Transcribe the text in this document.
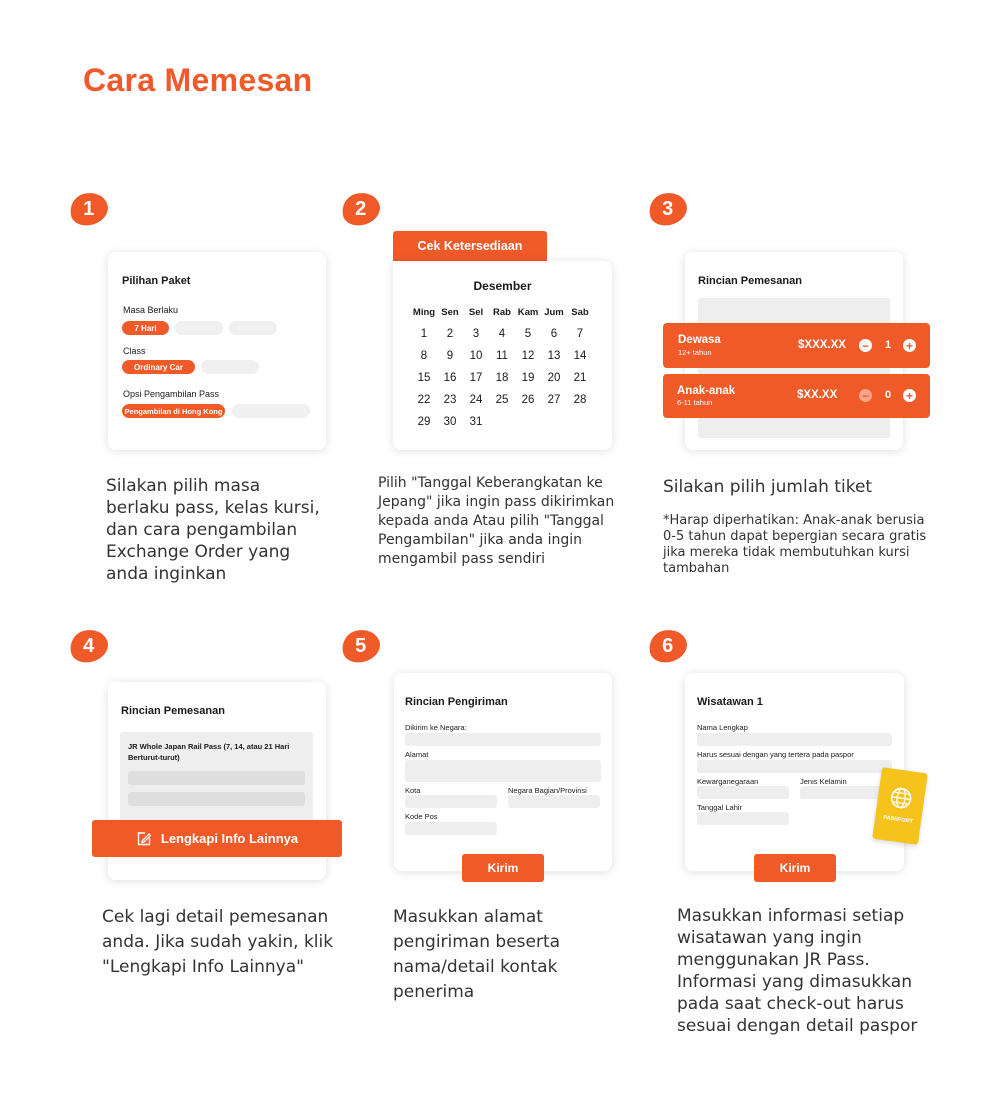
Cara Memesan
1
Pilihan Paket
Masa Berlaku
7 Hari
Class
Ordinary Car
Opsi Pengambilan Pass
Pengambilan di Hong Kong
Silakan pilih masa berlaku pass, kelas kursi, dan cara pengambilan Exchange Order yang anda inginkan
2
Cek Ketersediaan
Desember
Ming Sen	Sel	Rab Kam Jum Sab
1	2	3	4	5	6	7
8	9	10	11	12	13	14
15	16	17	18	19	20	21
22	23	24	25	26	27	28
29	30	31
Pilih "Tanggal Keberangkatan ke Jepang" jika ingin pass dikirimkan kepada anda Atau pilih "Tanggal Pengambilan" jika anda ingin mengambil pass sendiri
3
Rincian Pemesanan
Dewasa
12+ tahun
$XXX.XX − 1 +
Anak-anak
6-11 tahun
$XX.XX − 0 +
Silakan pilih jumlah tiket
*Harap diperhatikan: Anak-anak berusia 0-5 tahun dapat bepergian secara gratis jika mereka tidak membutuhkan kursi tambahan
4
Rincian Pemesanan
JR Whole Japan Rail Pass (7, 14, atau 21 Hari Berturut-turut)
Lengkapi Info Lainnya
Cek lagi detail pemesanan anda. Jika sudah yakin, klik "Lengkapi Info Lainnya"
5
Rincian Pengiriman
Dikirim ke Negara:
Alamat
Kota	Negara Bagian/Provinsi
Kode Pos
Kirim
Masukkan alamat pengiriman beserta nama/detail kontak penerima
6
Wisatawan 1
Nama Lengkap
Harus sesuai dengan yang tertera pada paspor
Kewarganegaraan	Jenis Kelamin
Tanggal Lahir
PASSPORT
Kirim
Masukkan informasi setiap wisatawan yang ingin menggunakan JR Pass. Informasi yang dimasukkan pada saat check-out harus sesuai dengan detail paspor
